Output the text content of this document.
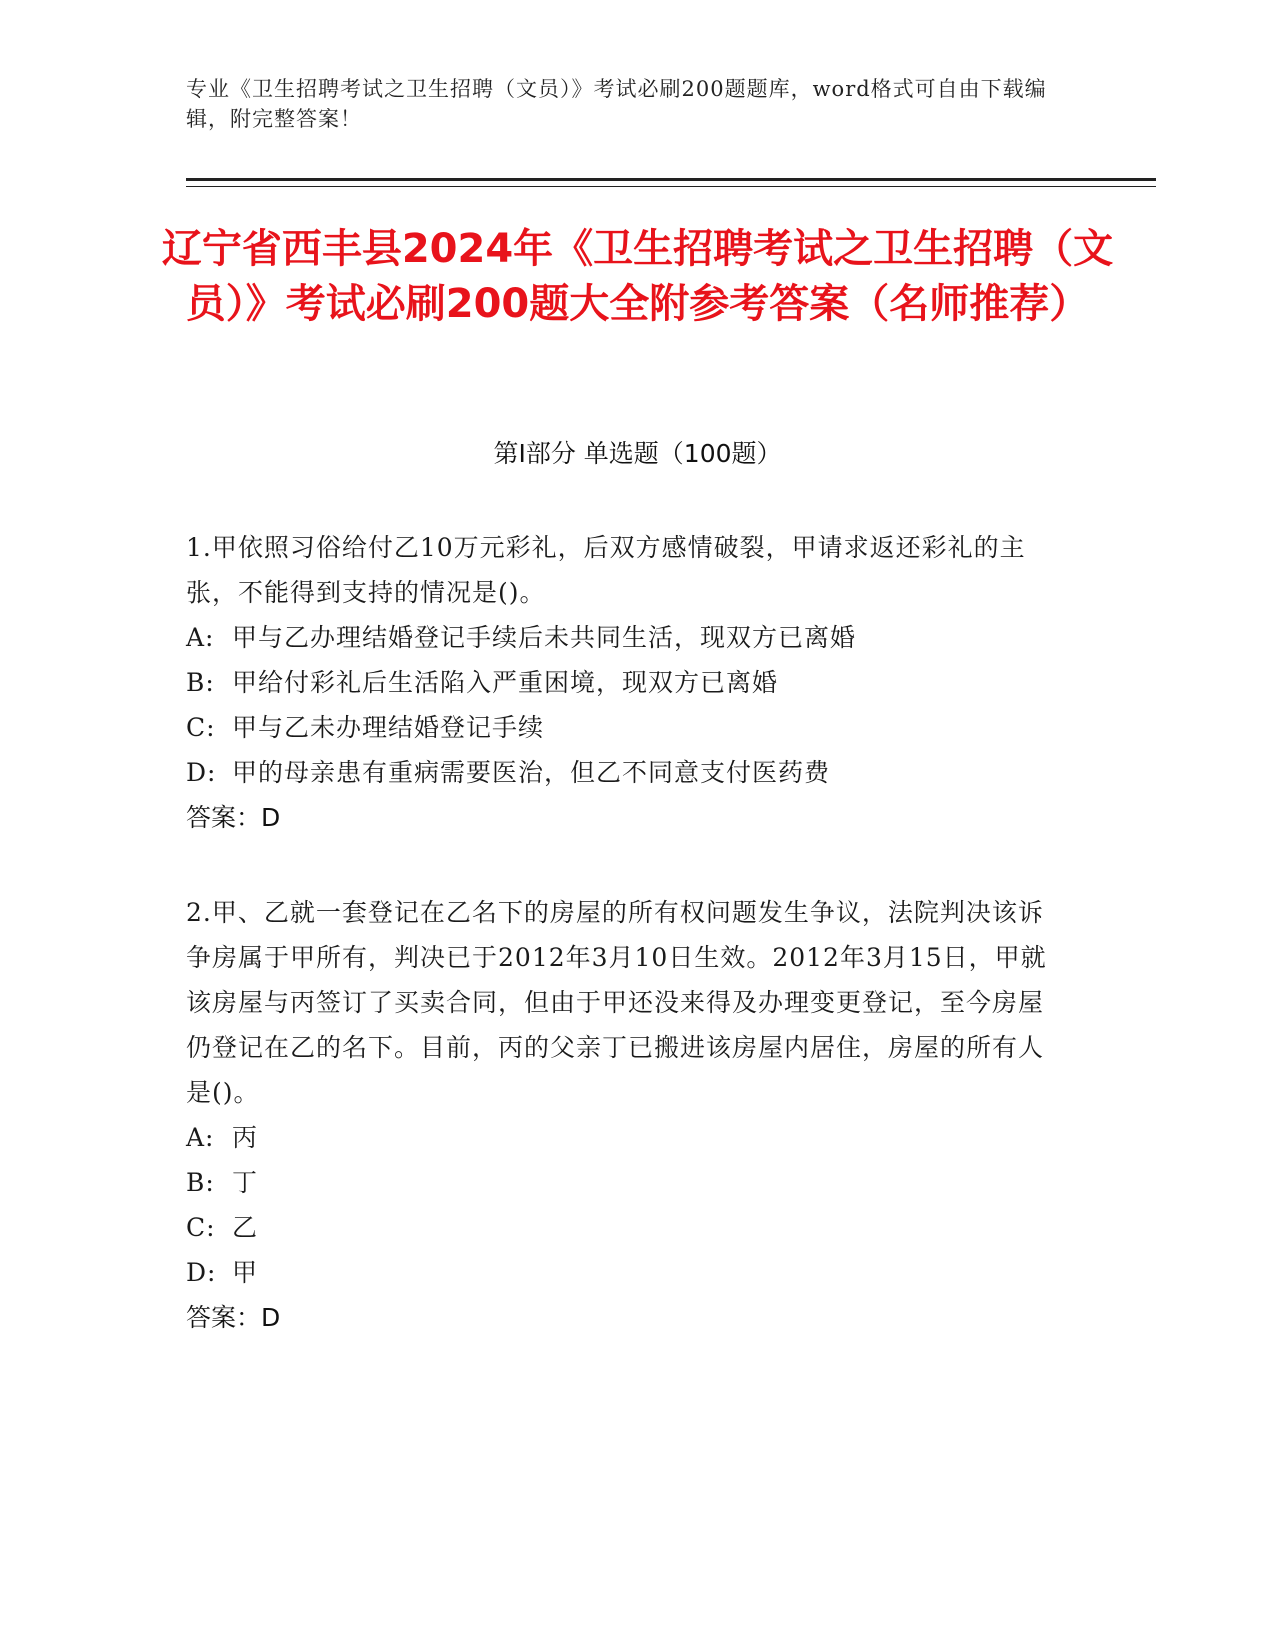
专业《卫生招聘考试之卫生招聘（文员）》考试必刷200题题库，word格式可自由下载编辑，附完整答案！
辽宁省西丰县2024年《卫生招聘考试之卫生招聘（文员）》考试必刷200题大全附参考答案（名师推荐）
第Ⅰ部分 单选题（100题）
1.甲依照习俗给付乙10万元彩礼，后双方感情破裂，甲请求返还彩礼的主张，不能得到支持的情况是()。
A: 甲与乙办理结婚登记手续后未共同生活，现双方已离婚
B: 甲给付彩礼后生活陷入严重困境，现双方已离婚
C: 甲与乙未办理结婚登记手续
D: 甲的母亲患有重病需要医治，但乙不同意支付医药费
答案：D
2.甲、乙就一套登记在乙名下的房屋的所有权问题发生争议，法院判决该诉争房属于甲所有，判决已于2012年3月10日生效。2012年3月15日，甲就该房屋与丙签订了买卖合同，但由于甲还没来得及办理变更登记，至今房屋仍登记在乙的名下。目前，丙的父亲丁已搬进该房屋内居住，房屋的所有人是()。
A: 丙
B: 丁
C: 乙
D: 甲
答案：D
